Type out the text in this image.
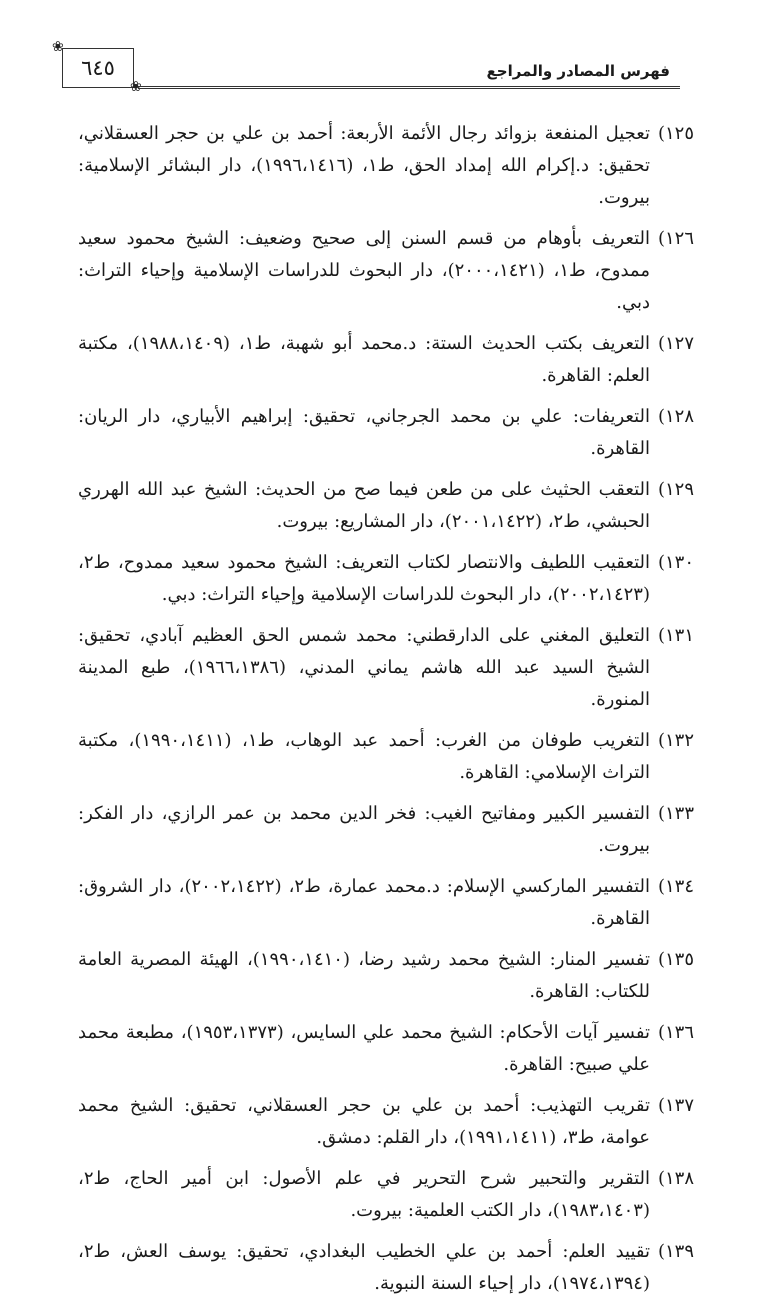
فهرس المصادر والمراجع
٦٤٥
❀
❀
١٢٥)
تعجيل المنفعة بزوائد رجال الأئمة الأربعة: أحمد بن علي بن حجر العسقلاني، تحقيق: د.إكرام الله إمداد الحق، ط١، (١٩٩٦،١٤١٦)، دار البشائر الإسلامية: بيروت.
١٢٦)
التعريف بأوهام من قسم السنن إلى صحيح وضعيف: الشيخ محمود سعيد ممدوح، ط١، (٢٠٠٠،١٤٢١)، دار البحوث للدراسات الإسلامية وإحياء التراث: دبي.
١٢٧)
التعريف بكتب الحديث الستة: د.محمد أبو شهبة، ط١، (١٩٨٨،١٤٠٩)، مكتبة العلم: القاهرة.
١٢٨)
التعريفات: علي بن محمد الجرجاني، تحقيق: إبراهيم الأبياري، دار الريان: القاهرة.
١٢٩)
التعقب الحثيث على من طعن فيما صح من الحديث: الشيخ عبد الله الهرري الحبشي، ط٢، (٢٠٠١،١٤٢٢)، دار المشاريع: بيروت.
١٣٠)
التعقيب اللطيف والانتصار لكتاب التعريف: الشيخ محمود سعيد ممدوح، ط٢، (٢٠٠٢،١٤٢٣)، دار البحوث للدراسات الإسلامية وإحياء التراث: دبي.
١٣١)
التعليق المغني على الدارقطني: محمد شمس الحق العظيم آبادي، تحقيق: الشيخ السيد عبد الله هاشم يماني المدني، (١٩٦٦،١٣٨٦)، طبع المدينة المنورة.
١٣٢)
التغريب طوفان من الغرب: أحمد عبد الوهاب، ط١، (١٩٩٠،١٤١١)، مكتبة التراث الإسلامي: القاهرة.
١٣٣)
التفسير الكبير ومفاتيح الغيب: فخر الدين محمد بن عمر الرازي، دار الفكر: بيروت.
١٣٤)
التفسير الماركسي الإسلام: د.محمد عمارة، ط٢، (٢٠٠٢،١٤٢٢)، دار الشروق: القاهرة.
١٣٥)
تفسير المنار: الشيخ محمد رشيد رضا، (١٩٩٠،١٤١٠)، الهيئة المصرية العامة للكتاب: القاهرة.
١٣٦)
تفسير آيات الأحكام: الشيخ محمد علي السايس، (١٩٥٣،١٣٧٣)، مطبعة محمد علي صبيح: القاهرة.
١٣٧)
تقريب التهذيب: أحمد بن علي بن حجر العسقلاني، تحقيق: الشيخ محمد عوامة، ط٣، (١٩٩١،١٤١١)، دار القلم: دمشق.
١٣٨)
التقرير والتحبير شرح التحرير في علم الأصول: ابن أمير الحاج، ط٢، (١٩٨٣،١٤٠٣)، دار الكتب العلمية: بيروت.
١٣٩)
تقييد العلم: أحمد بن علي الخطيب البغدادي، تحقيق: يوسف العش، ط٢، (١٩٧٤،١٣٩٤)، دار إحياء السنة النبوية.
